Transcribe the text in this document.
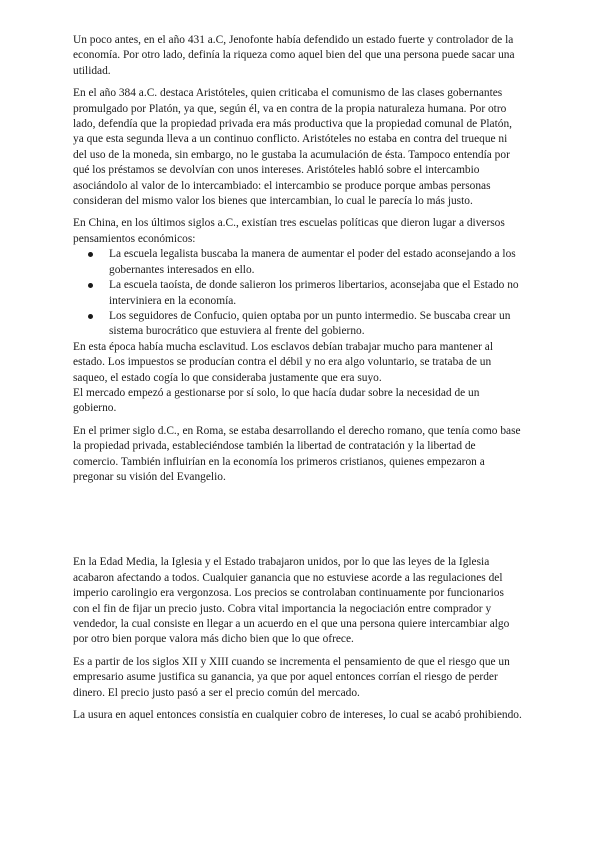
Un poco antes, en el año 431 a.C, Jenofonte había defendido un estado fuerte y controlador de la economía. Por otro lado, definía la riqueza como aquel bien del que una persona puede sacar una utilidad.

En el año 384 a.C. destaca Aristóteles, quien criticaba el comunismo de las clases gobernantes promulgado por Platón, ya que, según él, va en contra de la propia naturaleza humana. Por otro lado, defendía que la propiedad privada era más productiva que la propiedad comunal de Platón, ya que esta segunda lleva a un continuo conflicto. Aristóteles no estaba en contra del trueque ni del uso de la moneda, sin embargo, no le gustaba la acumulación de ésta. Tampoco entendía por qué los préstamos se devolvían con unos intereses. Aristóteles habló sobre el intercambio asociándolo al valor de lo intercambiado: el intercambio se produce porque ambas personas consideran del mismo valor los bienes que intercambian, lo cual le parecía lo más justo.

En China, en los últimos siglos a.C., existían tres escuelas políticas que dieron lugar a diversos pensamientos económicos:

La escuela legalista buscaba la manera de aumentar el poder del estado aconsejando a los gobernantes interesados en ello.
La escuela taoísta, de donde salieron los primeros libertarios, aconsejaba que el Estado no interviniera en la economía.
Los seguidores de Confucio, quien optaba por un punto intermedio. Se buscaba crear un sistema burocrático que estuviera al frente del gobierno.

En esta época había mucha esclavitud. Los esclavos debían trabajar mucho para mantener al estado. Los impuestos se producían contra el débil y no era algo voluntario, se trataba de un saqueo, el estado cogía lo que consideraba justamente que era suyo.

El mercado empezó a gestionarse por sí solo, lo que hacía dudar sobre la necesidad de un gobierno.

En el primer siglo d.C., en Roma, se estaba desarrollando el derecho romano, que tenía como base la propiedad privada, estableciéndose también la libertad de contratación y la libertad de comercio. También influirían en la economía los primeros cristianos, quienes empezaron a pregonar su visión del Evangelio.

En la Edad Media, la Iglesia y el Estado trabajaron unidos, por lo que las leyes de la Iglesia acabaron afectando a todos. Cualquier ganancia que no estuviese acorde a las regulaciones del imperio carolingio era vergonzosa. Los precios se controlaban continuamente por funcionarios con el fin de fijar un precio justo. Cobra vital importancia la negociación entre comprador y vendedor, la cual consiste en llegar a un acuerdo en el que una persona quiere intercambiar algo por otro bien porque valora más dicho bien que lo que ofrece.

Es a partir de los siglos XII y XIII cuando se incrementa el pensamiento de que el riesgo que un empresario asume justifica su ganancia, ya que por aquel entonces corrían el riesgo de perder dinero. El precio justo pasó a ser el precio común del mercado.

La usura en aquel entonces consistía en cualquier cobro de intereses, lo cual se acabó prohibiendo.
